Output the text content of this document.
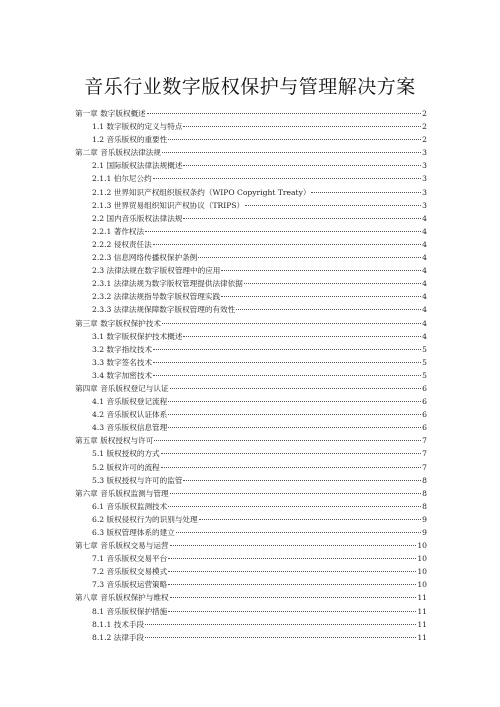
音乐行业数字版权保护与管理解决方案
第一章 数字版权概述	2
1.1 数字版权的定义与特点	2
1.2 音乐版权的重要性	2
第二章 音乐版权法律法规	3
2.1 国际版权法律法规概述	3
2.1.1 伯尔尼公约	3
2.1.2 世界知识产权组织版权条约（WIPO Copyright Treaty）	3
2.1.3 世界贸易组织知识产权协议（TRIPS）	3
2.2 国内音乐版权法律法规	4
2.2.1 著作权法	4
2.2.2 侵权责任法	4
2.2.3 信息网络传播权保护条例	4
2.3 法律法规在数字版权管理中的应用	4
2.3.1 法律法规为数字版权管理提供法律依据	4
2.3.2 法律法规指导数字版权管理实践	4
2.3.3 法律法规保障数字版权管理的有效性	4
第三章 数字版权保护技术	4
3.1 数字版权保护技术概述	4
3.2 数字指纹技术	5
3.3 数字签名技术	5
3.4 数字加密技术	5
第四章 音乐版权登记与认证	6
4.1 音乐版权登记流程	6
4.2 音乐版权认证体系	6
4.3 音乐版权信息管理	6
第五章 版权授权与许可	7
5.1 版权授权的方式	7
5.2 版权许可的流程	7
5.3 版权授权与许可的监管	8
第六章 音乐版权监测与管理	8
6.1 音乐版权监测技术	8
6.2 版权侵权行为的识别与处理	9
6.3 版权管理体系的建立	9
第七章 音乐版权交易与运营	10
7.1 音乐版权交易平台	10
7.2 音乐版权交易模式	10
7.3 音乐版权运营策略	10
第八章 音乐版权保护与维权	11
8.1 音乐版权保护措施	11
8.1.1 技术手段	11
8.1.2 法律手段	11
